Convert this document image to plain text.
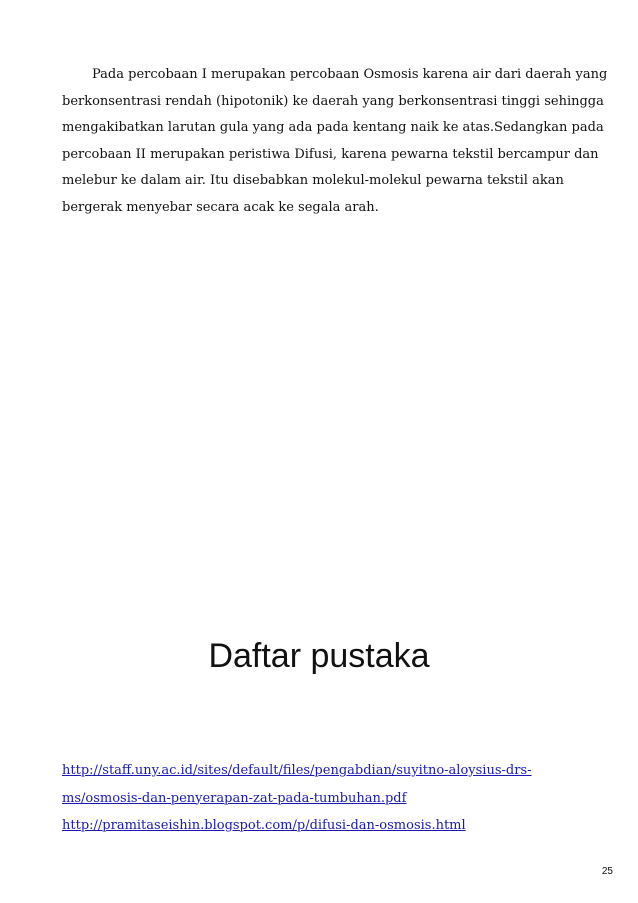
Pada percobaan I merupakan percobaan Osmosis karena air dari daerah yang
berkonsentrasi rendah (hipotonik) ke daerah yang berkonsentrasi tinggi sehingga
mengakibatkan larutan gula yang ada pada kentang naik ke atas.Sedangkan pada
percobaan II merupakan peristiwa Difusi, karena pewarna tekstil bercampur dan
melebur ke dalam air. Itu disebabkan molekul-molekul pewarna tekstil akan
bergerak menyebar secara acak ke segala arah.
Daftar pustaka
http://staff.uny.ac.id/sites/default/files/pengabdian/suyitno-aloysius-drs-
ms/osmosis-dan-penyerapan-zat-pada-tumbuhan.pdf
http://pramitaseishin.blogspot.com/p/difusi-dan-osmosis.html
25
